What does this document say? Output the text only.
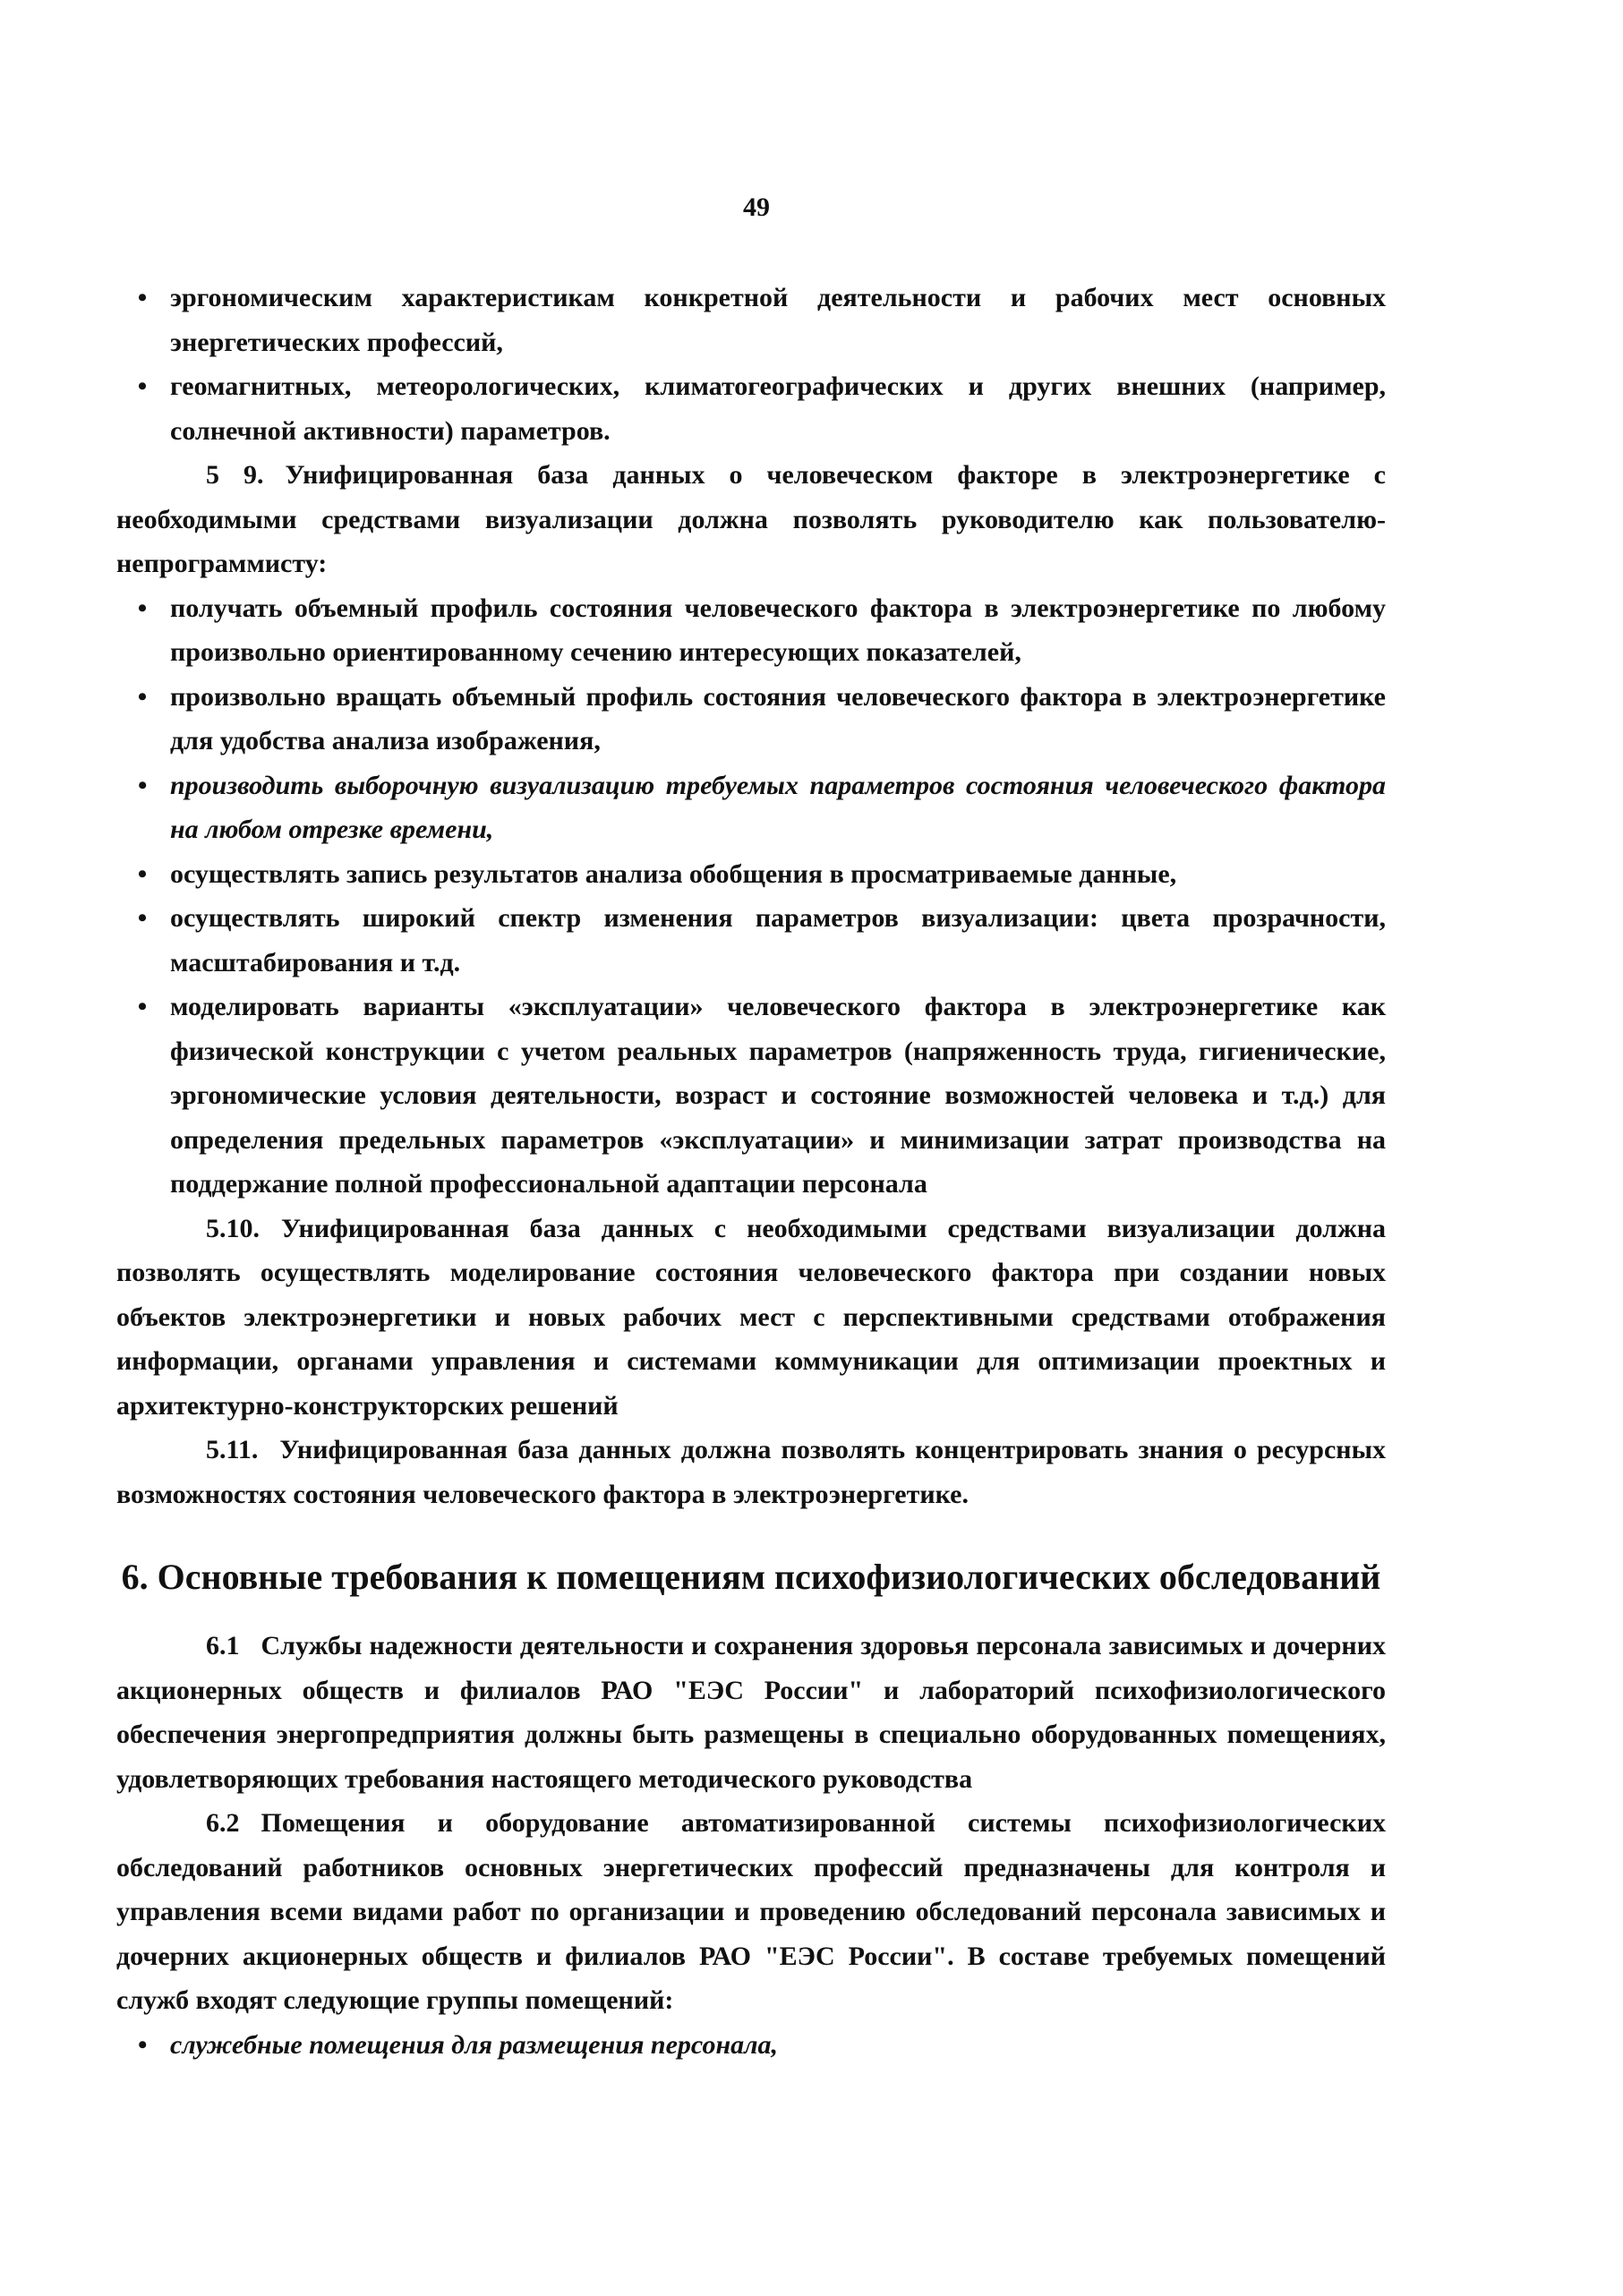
49
• эргономическим характеристикам конкретной деятельности и рабочих мест основных энергетических профессий,
• геомагнитных, метеорологических, климатогеографических и других внешних (например, солнечной активности) параметров.

5 9. Унифицированная база данных о человеческом факторе в электроэнергетике с необходимыми средствами визуализации должна позволять руководителю как пользователю-непрограммисту:

• получать объемный профиль состояния человеческого фактора в электроэнергетике по любому произвольно ориентированному сечению интересующих показателей,
• произвольно вращать объемный профиль состояния человеческого фактора в электроэнергетике для удобства анализа изображения,
• производить выборочную визуализацию требуемых параметров состояния человеческого фактора на любом отрезке времени,
• осуществлять запись результатов анализа обобщения в просматриваемые данные,
• осуществлять широкий спектр изменения параметров визуализации: цвета прозрачности, масштабирования и т.д.
• моделировать варианты «эксплуатации» человеческого фактора в электроэнергетике как физической конструкции с учетом реальных параметров (напряженность труда, гигиенические, эргономические условия деятельности, возраст и состояние возможностей человека и т.д.) для определения предельных параметров «эксплуатации» и минимизации затрат производства на поддержание полной профессиональной адаптации персонала

5.10. Унифицированная база данных с необходимыми средствами визуализации должна позволять осуществлять моделирование состояния человеческого фактора при создании новых объектов электроэнергетики и новых рабочих мест с перспективными средствами отображения информации, органами управления и системами коммуникации для оптимизации проектных и архитектурно-конструкторских решений

5.11. Унифицированная база данных должна позволять концентрировать знания о ресурсных возможностях состояния человеческого фактора в электроэнергетике.

6. Основные требования к помещениям психофизиологических обследований

6.1 Службы надежности деятельности и сохранения здоровья персонала зависимых и дочерних акционерных обществ и филиалов РАО "ЕЭС России" и лабораторий психофизиологического обеспечения энергопредприятия должны быть размещены в специально оборудованных помещениях, удовлетворяющих требования настоящего методического руководства

6.2 Помещения и оборудование автоматизированной системы психофизиологических обследований работников основных энергетических профессий предназначены для контроля и управления всеми видами работ по организации и проведению обследований персонала зависимых и дочерних акционерных обществ и филиалов РАО "ЕЭС России". В составе требуемых помещений служб входят следующие группы помещений:

• служебные помещения для размещения персонала,
